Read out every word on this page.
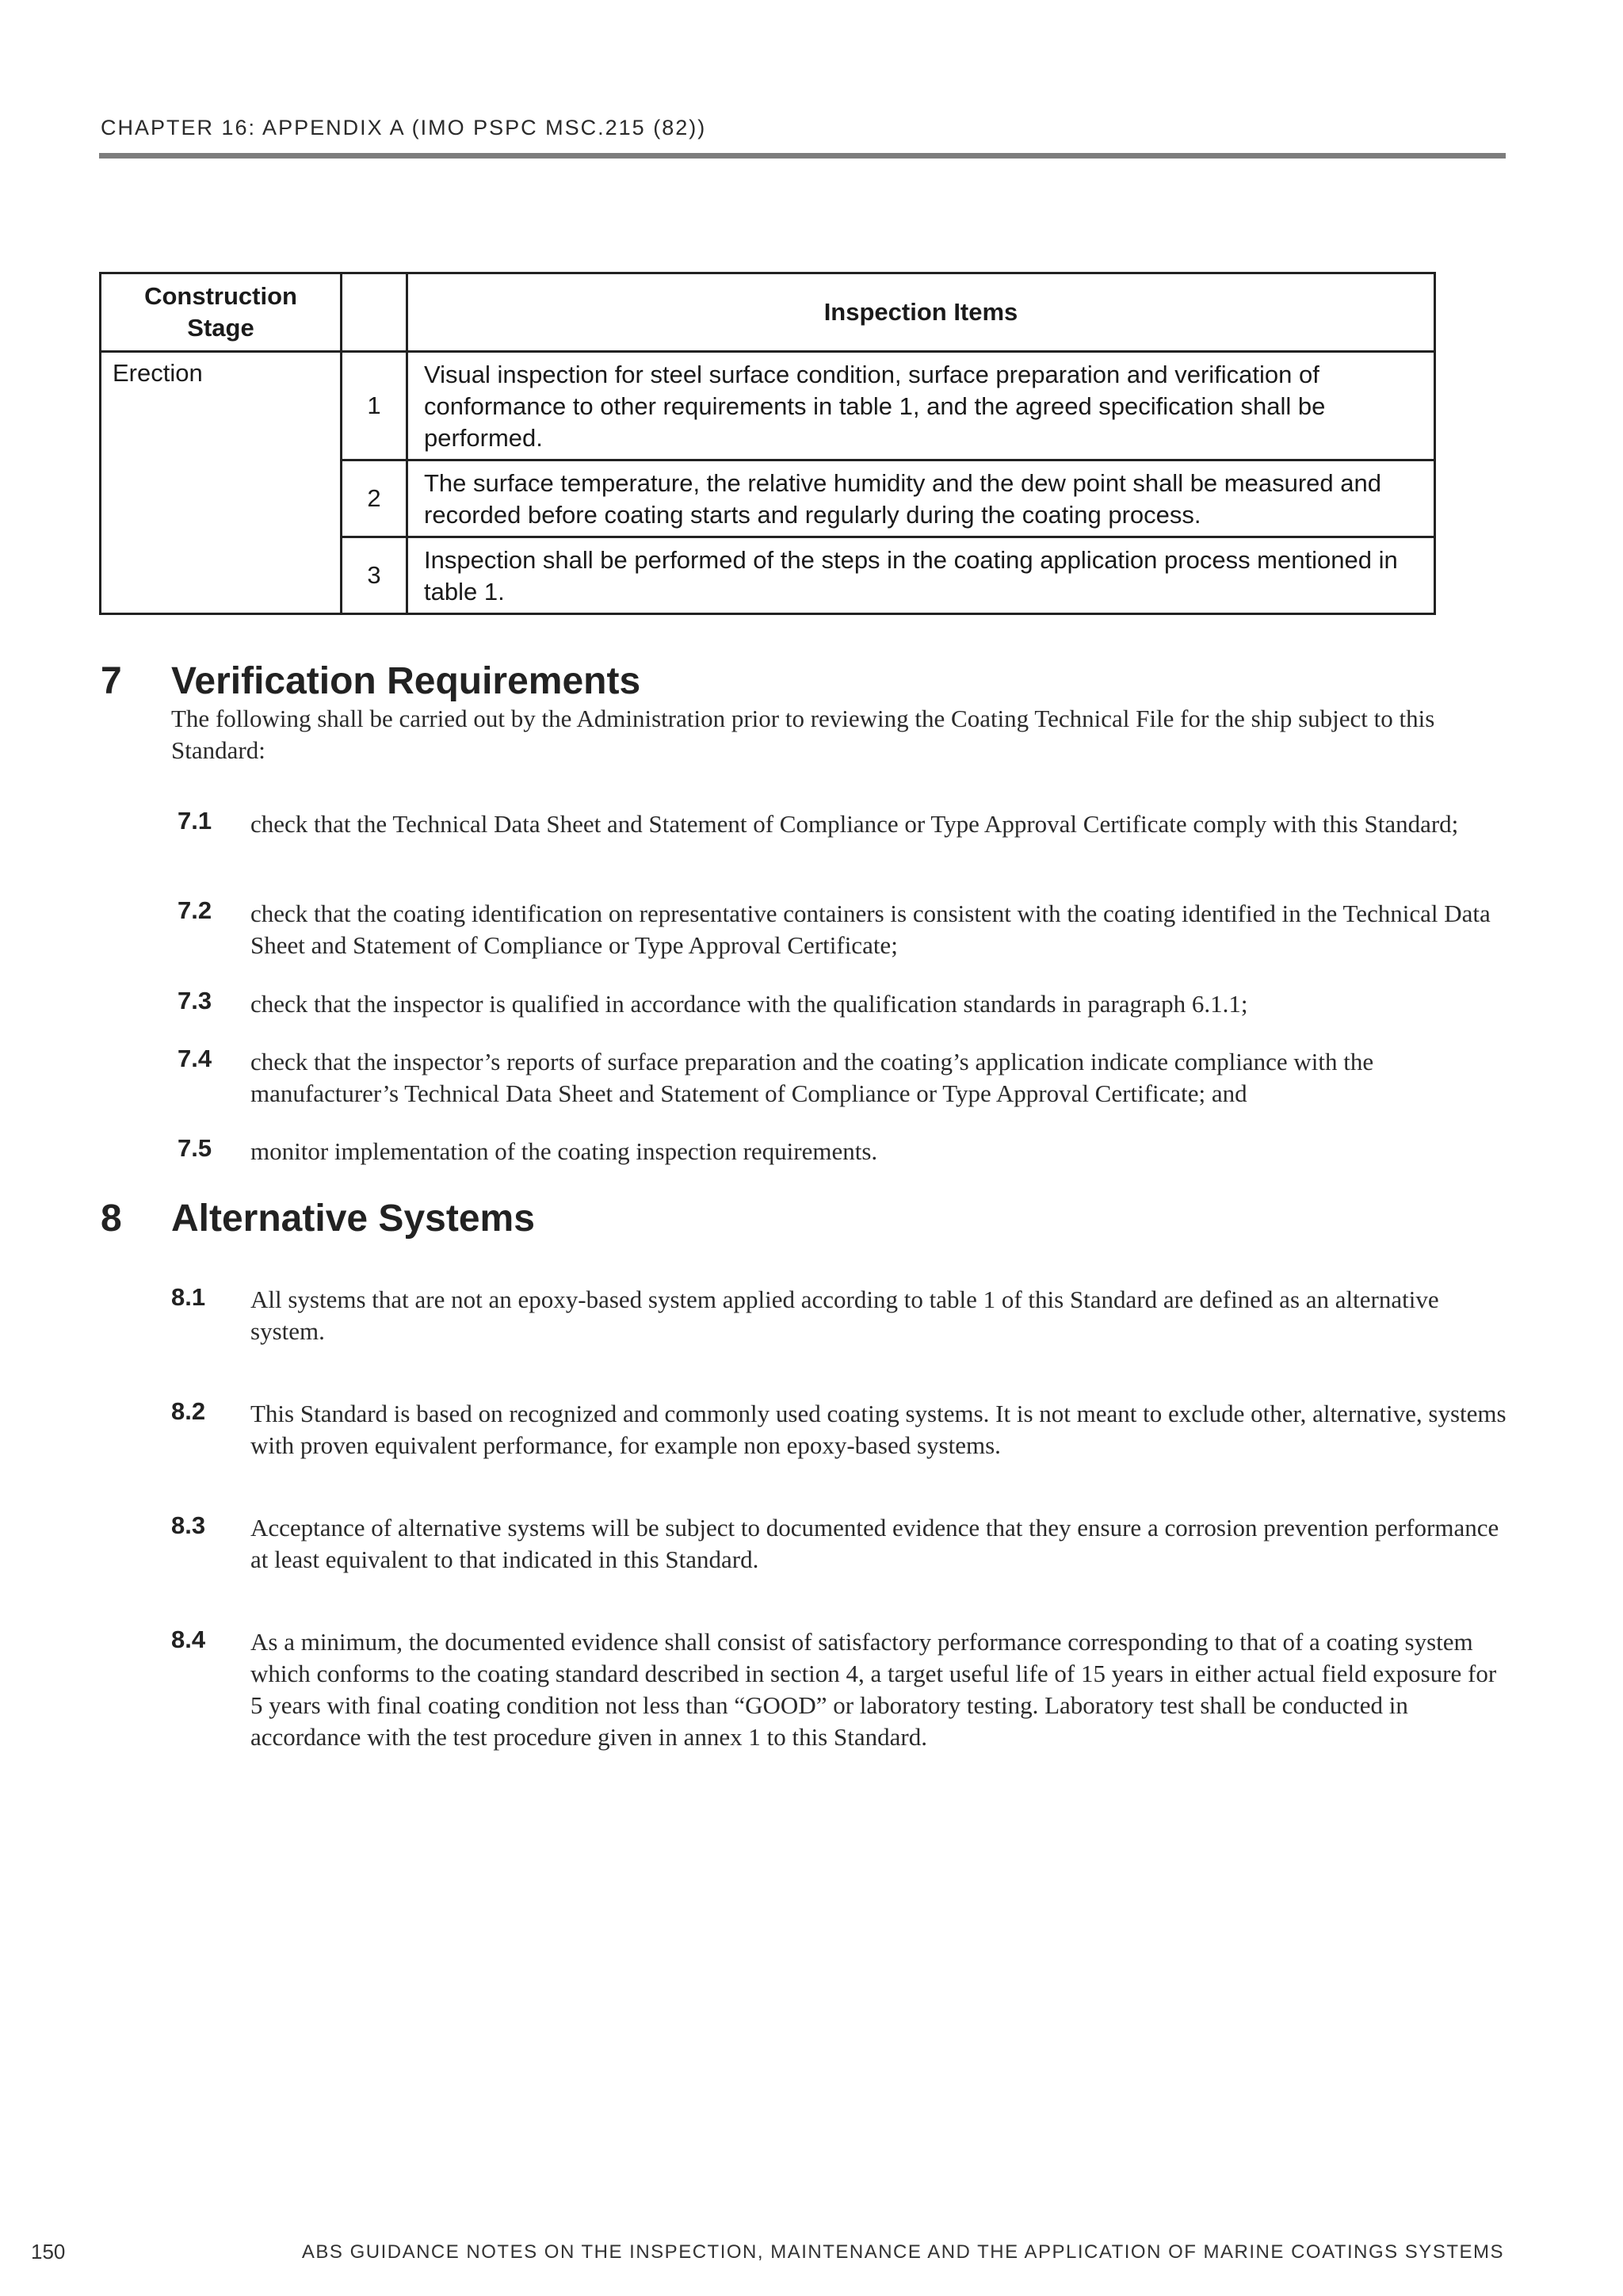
CHAPTER 16: APPENDIX A (IMO PSPC MSC.215 (82))
Construction Stage		Inspection Items
Erection	1	Visual inspection for steel surface condition, surface preparation and verification of conformance to other requirements in table 1, and the agreed specification shall be performed.
	2	The surface temperature, the relative humidity and the dew point shall be measured and recorded before coating starts and regularly during the coating process.
	3	Inspection shall be performed of the steps in the coating application process mentioned in table 1.
7 Verification Requirements
The following shall be carried out by the Administration prior to reviewing the Coating Technical File for the ship subject to this Standard:
7.1 check that the Technical Data Sheet and Statement of Compliance or Type Approval Certificate comply with this Standard;
7.2 check that the coating identification on representative containers is consistent with the coating identified in the Technical Data Sheet and Statement of Compliance or Type Approval Certificate;
7.3 check that the inspector is qualified in accordance with the qualification standards in paragraph 6.1.1;
7.4 check that the inspector’s reports of surface preparation and the coating’s application indicate compliance with the manufacturer’s Technical Data Sheet and Statement of Compliance or Type Approval Certificate; and
7.5 monitor implementation of the coating inspection requirements.
8 Alternative Systems
8.1 All systems that are not an epoxy-based system applied according to table 1 of this Standard are defined as an alternative system.
8.2 This Standard is based on recognized and commonly used coating systems. It is not meant to exclude other, alternative, systems with proven equivalent performance, for example non epoxy-based systems.
8.3 Acceptance of alternative systems will be subject to documented evidence that they ensure a corrosion prevention performance at least equivalent to that indicated in this Standard.
8.4 As a minimum, the documented evidence shall consist of satisfactory performance corresponding to that of a coating system which conforms to the coating standard described in section 4, a target useful life of 15 years in either actual field exposure for 5 years with final coating condition not less than “GOOD” or laboratory testing. Laboratory test shall be conducted in accordance with the test procedure given in annex 1 to this Standard.
150	ABS GUIDANCE NOTES ON THE INSPECTION, MAINTENANCE AND THE APPLICATION OF MARINE COATINGS SYSTEMS
